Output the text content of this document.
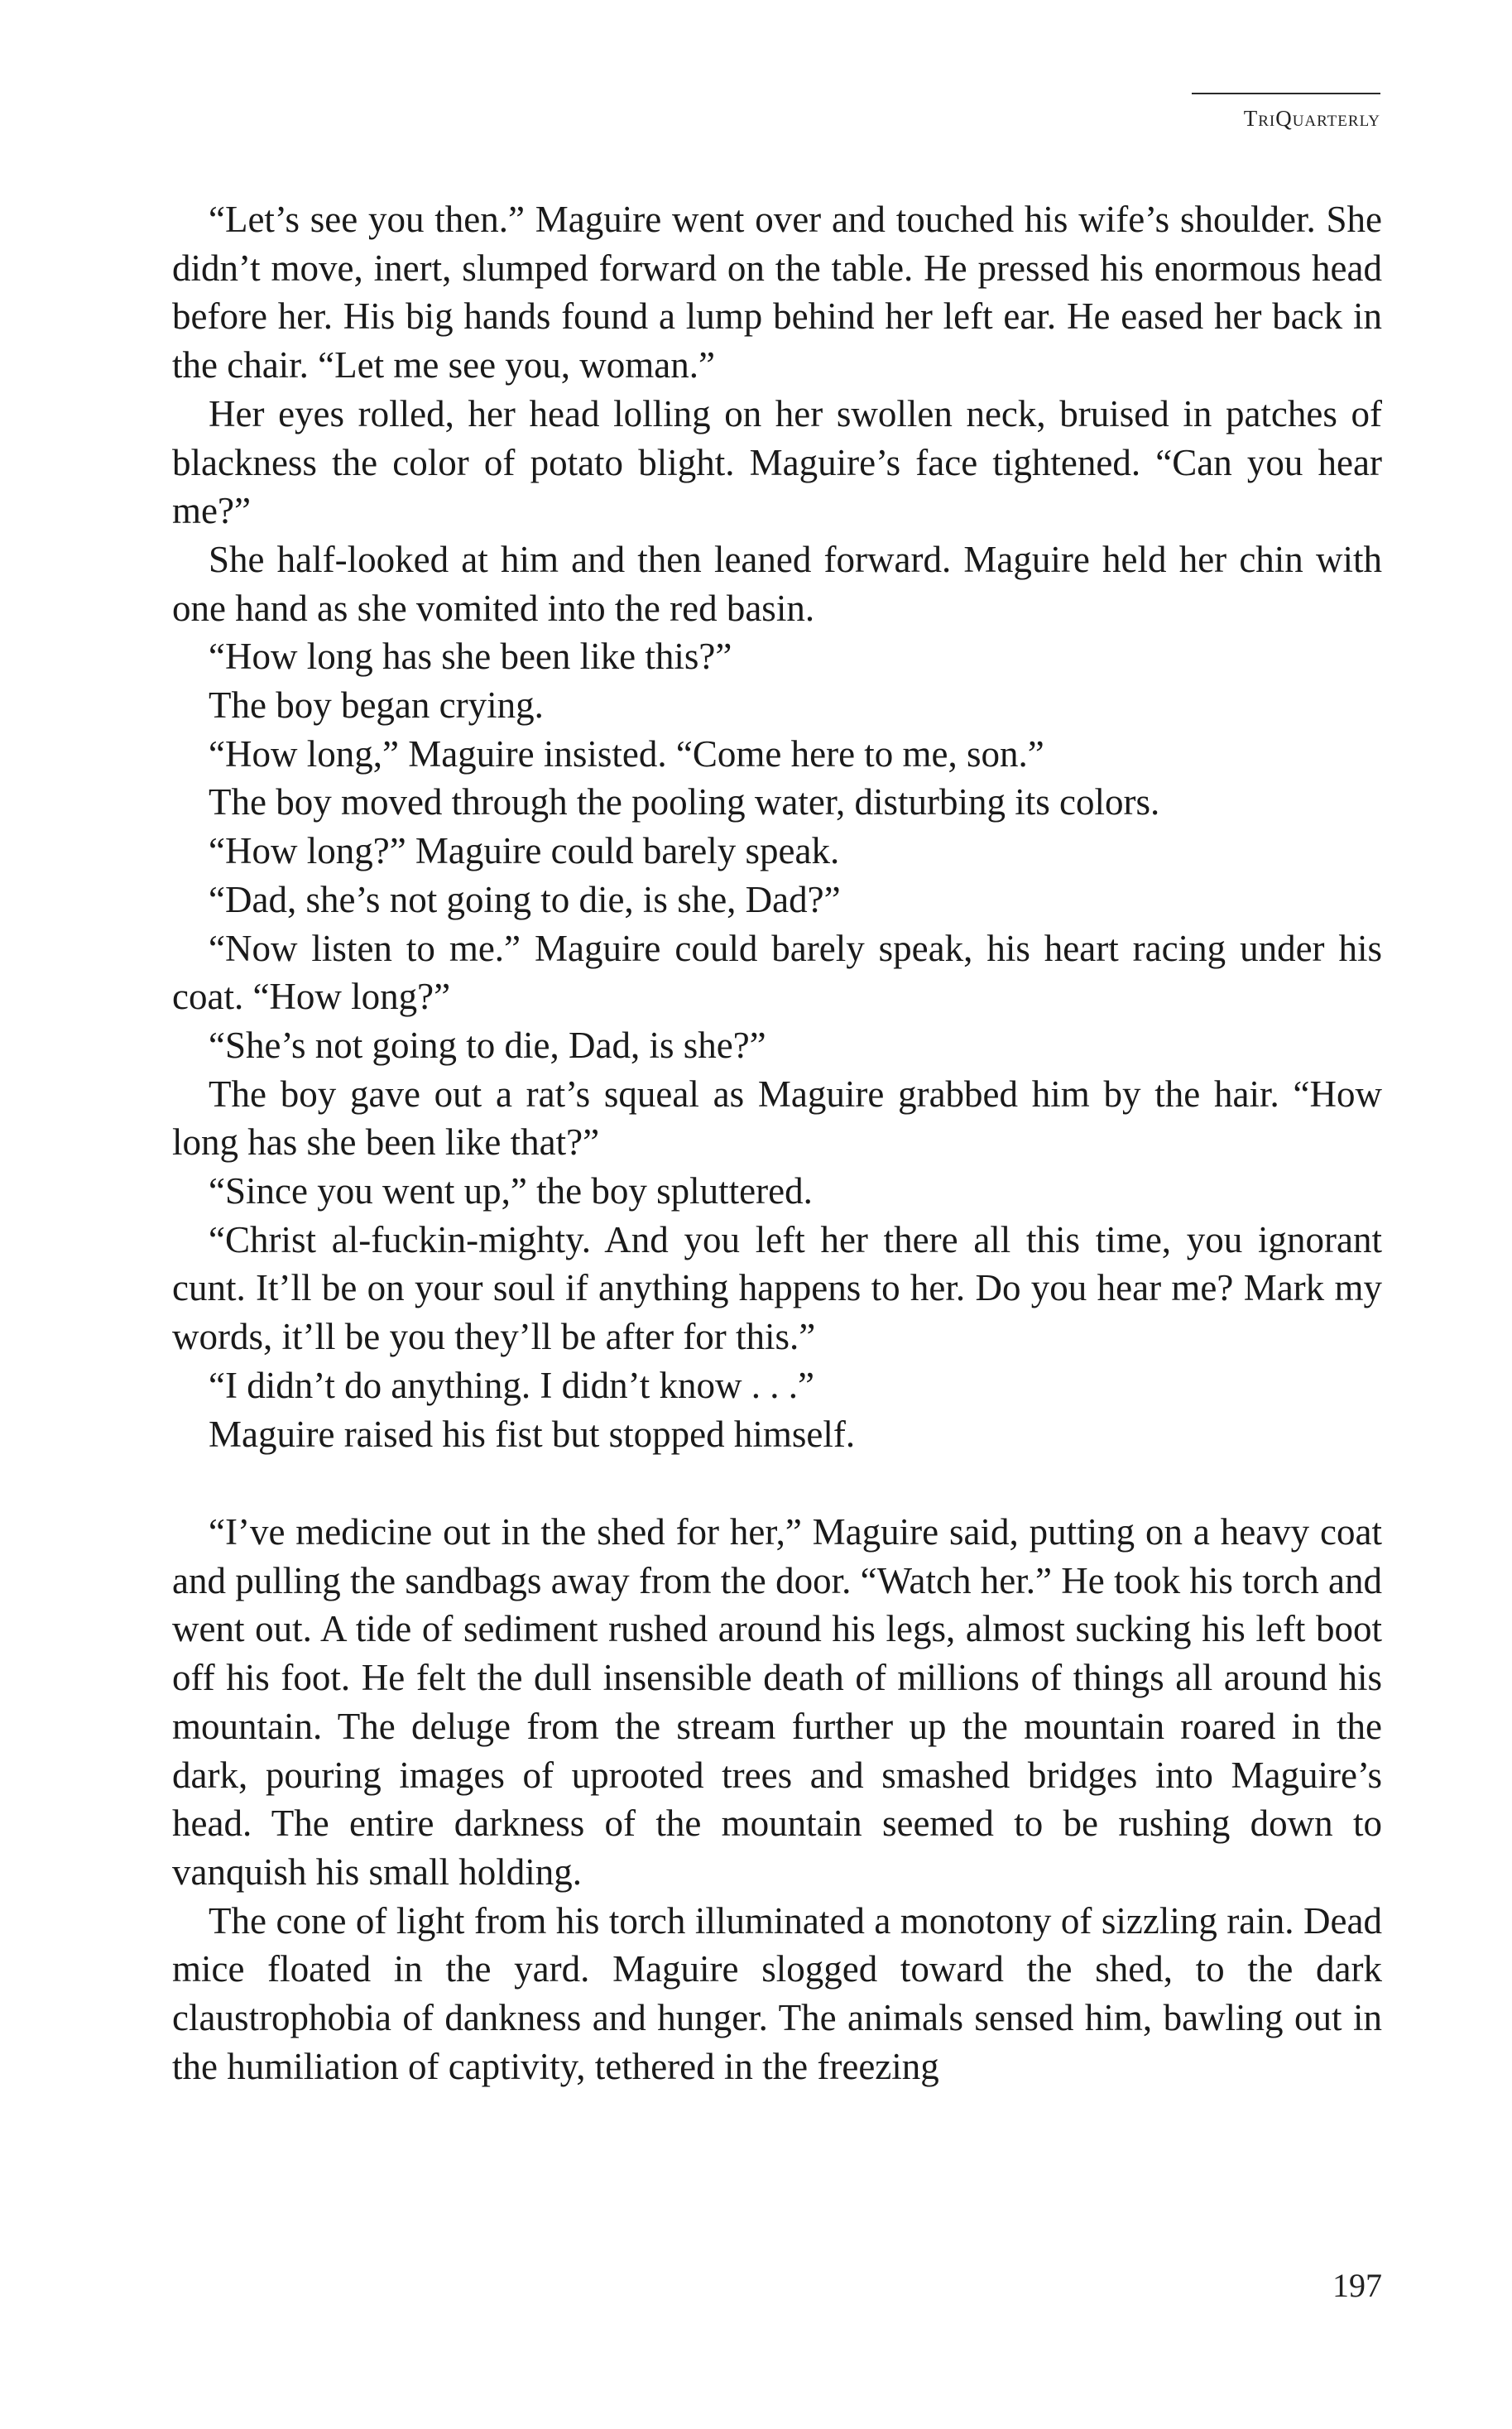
TriQuarterly

“Let’s see you then.” Maguire went over and touched his wife’s shoulder. She didn’t move, inert, slumped forward on the table. He pressed his enormous head before her. His big hands found a lump behind her left ear. He eased her back in the chair. “Let me see you, woman.”

Her eyes rolled, her head lolling on her swollen neck, bruised in patches of blackness the color of potato blight. Maguire’s face tightened. “Can you hear me?”

She half-looked at him and then leaned forward. Maguire held her chin with one hand as she vomited into the red basin.

“How long has she been like this?”

The boy began crying.

“How long,” Maguire insisted. “Come here to me, son.”

The boy moved through the pooling water, disturbing its colors.

“How long?” Maguire could barely speak.

“Dad, she’s not going to die, is she, Dad?”

“Now listen to me.” Maguire could barely speak, his heart racing under his coat. “How long?”

“She’s not going to die, Dad, is she?”

The boy gave out a rat’s squeal as Maguire grabbed him by the hair. “How long has she been like that?”

“Since you went up,” the boy spluttered.

“Christ al-fuckin-mighty. And you left her there all this time, you ignorant cunt. It’ll be on your soul if anything happens to her. Do you hear me? Mark my words, it’ll be you they’ll be after for this.”

“I didn’t do anything. I didn’t know . . .”

Maguire raised his fist but stopped himself.

“I’ve medicine out in the shed for her,” Maguire said, putting on a heavy coat and pulling the sandbags away from the door. “Watch her.” He took his torch and went out. A tide of sediment rushed around his legs, almost sucking his left boot off his foot. He felt the dull insensible death of millions of things all around his mountain. The deluge from the stream further up the mountain roared in the dark, pouring images of uprooted trees and smashed bridges into Maguire’s head. The entire darkness of the mountain seemed to be rushing down to vanquish his small holding.

The cone of light from his torch illuminated a monotony of sizzling rain. Dead mice floated in the yard. Maguire slogged toward the shed, to the dark claustrophobia of dankness and hunger. The animals sensed him, bawling out in the humiliation of captivity, tethered in the freezing

197
